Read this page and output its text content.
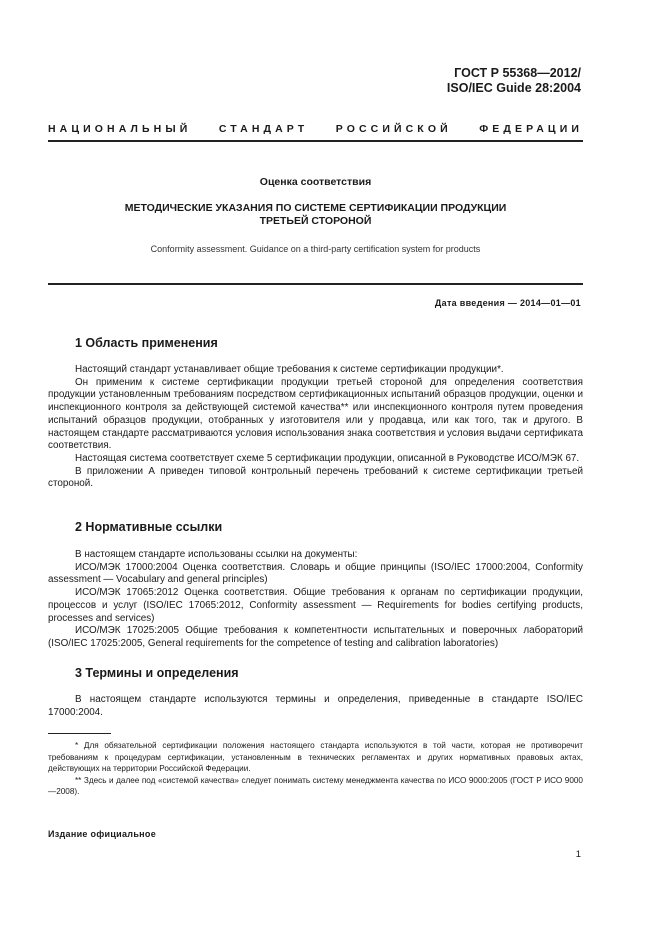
ГОСТ Р 55368—2012/
ISO/IEC Guide 28:2004
НАЦИОНАЛЬНЫЙ СТАНДАРТ РОССИЙСКОЙ ФЕДЕРАЦИИ
Оценка соответствия
МЕТОДИЧЕСКИЕ УКАЗАНИЯ ПО СИСТЕМЕ СЕРТИФИКАЦИИ ПРОДУКЦИИ
ТРЕТЬЕЙ СТОРОНОЙ
Conformity assessment. Guidance on a third-party certification system for products
Дата введения — 2014—01—01
1 Область применения

Настоящий стандарт устанавливает общие требования к системе сертификации продукции*.

Он применим к системе сертификации продукции третьей стороной для определения соответствия продукции установленным требованиям посредством сертификационных испытаний образцов продукции, оценки и инспекционного контроля за действующей системой качества** или инспекционного контроля путем проведения испытаний образцов продукции, отобранных у изготовителя или у продавца, или как того, так и другого. В настоящем стандарте рассматриваются условия использования знака соответствия и условия выдачи сертификата соответствия.

Настоящая система соответствует схеме 5 сертификации продукции, описанной в Руководстве ИСО/МЭК 67.

В приложении А приведен типовой контрольный перечень требований к системе сертификации третьей стороной.

2 Нормативные ссылки

В настоящем стандарте использованы ссылки на документы:

ИСО/МЭК 17000:2004 Оценка соответствия. Словарь и общие принципы (ISO/IEC 17000:2004, Conformity assessment — Vocabulary and general principles)

ИСО/МЭК 17065:2012 Оценка соответствия. Общие требования к органам по сертификации продукции, процессов и услуг (ISO/IEC 17065:2012, Conformity assessment — Requirements for bodies certifying products, processes and services)

ИСО/МЭК 17025:2005 Общие требования к компетентности испытательных и поверочных лабораторий (ISO/IEC 17025:2005, General requirements for the competence of testing and calibration laboratories)

3 Термины и определения

В настоящем стандарте используются термины и определения, приведенные в стандарте ISO/IEC 17000:2004.

* Для обязательной сертификации положения настоящего стандарта используются в той части, которая не противоречит требованиям к процедурам сертификации, установленным в технических регламентах и других нормативных правовых актах, действующих на территории Российской Федерации.

** Здесь и далее под «системой качества» следует понимать систему менеджмента качества по ИСО 9000:2005 (ГОСТ Р ИСО 9000—2008).

Издание официальное
1
